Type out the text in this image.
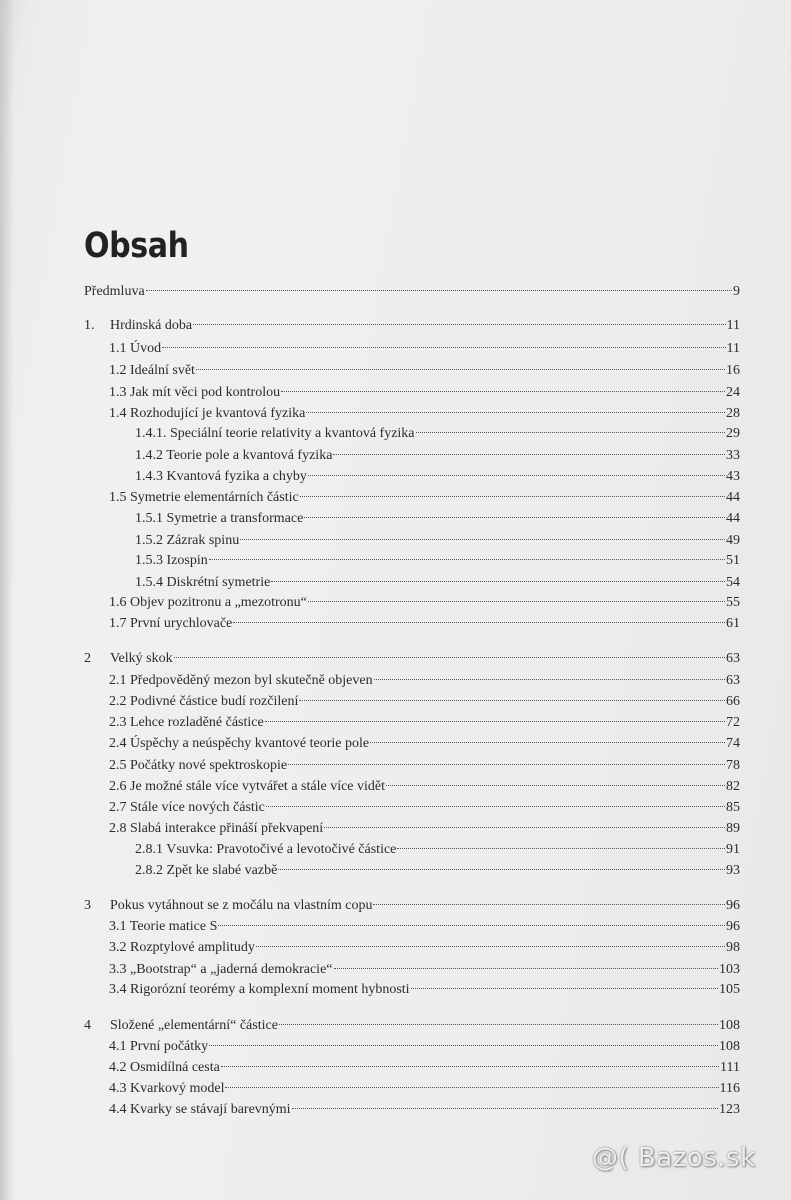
Obsah
Předmluva	9
1.	Hrdinská doba	11
1.1 Úvod	11
1.2 Ideální svět	16
1.3 Jak mít věci pod kontrolou	24
1.4 Rozhodující je kvantová fyzika	28
1.4.1. Speciální teorie relativity a kvantová fyzika	29
1.4.2 Teorie pole a kvantová fyzika	33
1.4.3 Kvantová fyzika a chyby	43
1.5 Symetrie elementárních částic	44
1.5.1 Symetrie a transformace	44
1.5.2 Zázrak spinu	49
1.5.3 Izospin	51
1.5.4 Diskrétní symetrie	54
1.6 Objev pozitronu a „mezotronu“	55
1.7 První urychlovače	61
2	Velký skok	63
2.1 Předpověděný mezon byl skutečně objeven	63
2.2 Podivné částice budí rozčilení	66
2.3 Lehce rozladěné částice	72
2.4 Úspěchy a neúspěchy kvantové teorie pole	74
2.5 Počátky nové spektroskopie	78
2.6 Je možné stále více vytvářet a stále více vidět	82
2.7 Stále více nových částic	85
2.8 Slabá interakce přináší překvapení	89
2.8.1 Vsuvka: Pravotočivé a levotočivé částice	91
2.8.2 Zpět ke slabé vazbě	93
3	Pokus vytáhnout se z močálu na vlastním copu	96
3.1 Teorie matice S	96
3.2 Rozptylové amplitudy	98
3.3 „Bootstrap“ a „jaderná demokracie“	103
3.4 Rigorózní teorémy a komplexní moment hybnosti	105
4	Složené „elementární“ částice	108
4.1 První počátky	108
4.2 Osmidílná cesta	111
4.3 Kvarkový model	116
4.4 Kvarky se stávají barevnými	123
@( Bazos.sk
